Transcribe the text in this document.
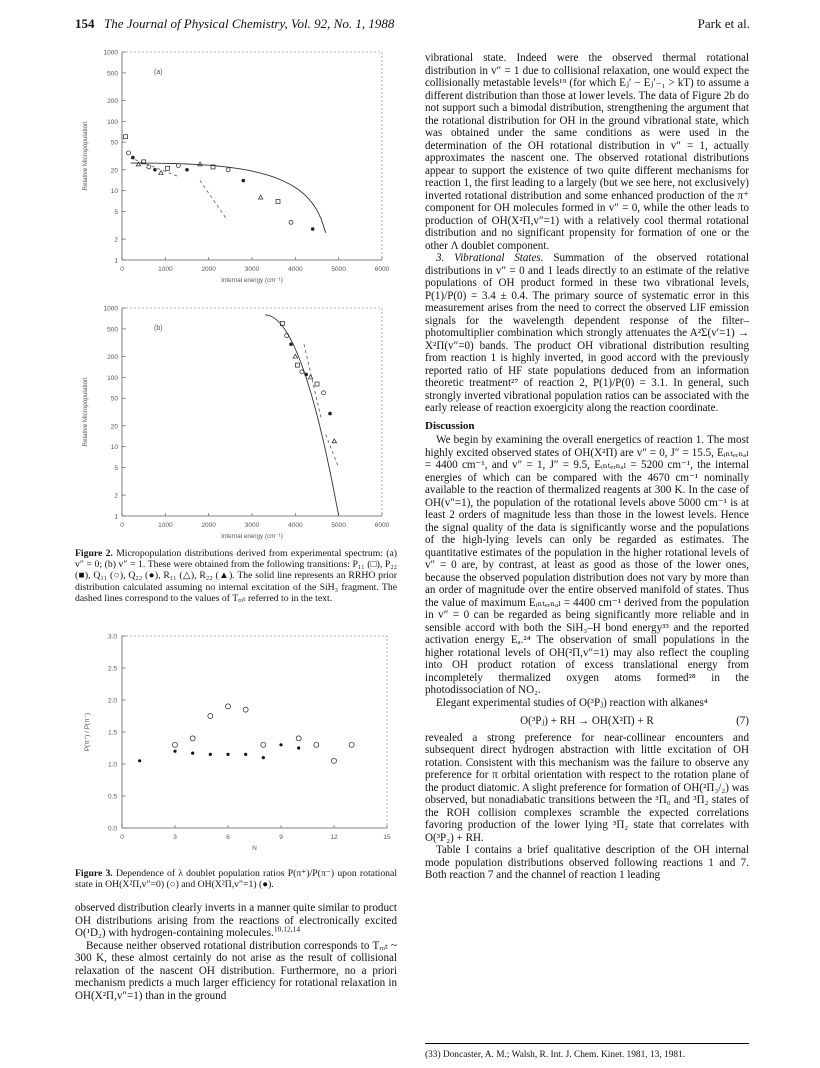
154 The Journal of Physical Chemistry, Vol. 92, No. 1, 1988	Park et al.
1000
500
200
100
50
20
10
5
2
1
0	1000	2000	3000	4000	5000	6000
Internal energy (cm⁻¹)
Relative Micropopulation
(a)
1000
500
200
100
50
20
10
5
2
1
0	1000	2000	3000	4000	5000	6000
Internal energy (cm⁻¹)
Relative Micropopulation
(b)
Figure 2. Micropopulation distributions derived from experimental spectrum: (a) v″ = 0; (b) v″ = 1. These were obtained from the following transitions: P₁₁ (□), P₂₂ (■), Q₁₁ (○), Q₂₂ (●), R₁₁ (△), R₂₂ (▲). The solid line represents an RRHO prior distribution calculated assuming no internal excitation of the SiH₃ fragment. The dashed lines correspond to the values of Tᵣₒₜ referred to in the text.
3.0
2.5
2.0
1.5
1.0
0.5
0.0
0	3	6	9	12	15
N
P(π⁺) / P(π⁻)
Figure 3. Dependence of λ doublet population ratios P(π⁺)/P(π⁻) upon rotational state in OH(X²Π,v″=0) (○) and OH(X²Π,v″=1) (●).

observed distribution clearly inverts in a manner quite similar to product OH distributions arising from the reactions of electronically excited O(¹D₂) with hydrogen-containing molecules.$^{10,12,14}$

Because neither observed rotational distribution corresponds to Tᵣₒₜ ~ 300 K, these almost certainly do not arise as the result of collisional relaxation of the nascent OH distribution. Furthermore, no a priori mechanism predicts a much larger efficiency for rotational relaxation in OH(X²Π,v″=1) than in the ground

vibrational state. Indeed were the observed thermal rotational distribution in v″ = 1 due to collisional relaxation, one would expect the collisionally metastable levels¹⁹ (for which Eⱼ′ − Eⱼ′₋₁ > kT) to assume a different distribution than those at lower levels. The data of Figure 2b do not support such a bimodal distribution, strengthening the argument that the rotational distribution for OH in the ground vibrational state, which was obtained under the same conditions as were used in the determination of the OH rotational distribution in v″ = 1, actually approximates the nascent one. The observed rotational distributions appear to support the existence of two quite different mechanisms for reaction 1, the first leading to a largely (but we see here, not exclusively) inverted rotational distribution and some enhanced production of the π⁺ component for OH molecules formed in v″ = 0, while the other leads to production of OH(X²Π,v″=1) with a relatively cool thermal rotational distribution and no significant propensity for formation of one or the other Λ doublet component.

3. Vibrational States. Summation of the observed rotational distributions in v″ = 0 and 1 leads directly to an estimate of the relative populations of OH product formed in these two vibrational levels, P(1)/P(0) = 3.4 ± 0.4. The primary source of systematic error in this measurement arises from the need to correct the observed LIF emission signals for the wavelength dependent response of the filter–photomultiplier combination which strongly attenuates the A²Σ(v′=1) → X²Π(v″=0) bands. The product OH vibrational distribution resulting from reaction 1 is highly inverted, in good accord with the previously reported ratio of HF state populations deduced from an information theoretic treatment²⁷ of reaction 2, P(1)/P(0) = 3.1. In general, such strongly inverted vibrational population ratios can be associated with the early release of reaction exoergicity along the reaction coordinate.

Discussion

We begin by examining the overall energetics of reaction 1. The most highly excited observed states of OH(X²Π) are v″ = 0, J″ = 15.5, Eᵢₙₜₑᵣₙₐₗ = 4400 cm⁻¹, and v″ = 1, J″ = 9.5, Eᵢₙₜₑᵣₙₐₗ = 5200 cm⁻¹, the internal energies of which can be compared with the 4670 cm⁻¹ nominally available to the reaction of thermalized reagents at 300 K. In the case of OH(v″=1), the population of the rotational levels above 5000 cm⁻¹ is at least 2 orders of magnitude less than those in the lowest levels. Hence the signal quality of the data is significantly worse and the populations of the high-lying levels can only be regarded as estimates. The quantitative estimates of the population in the higher rotational levels of v″ = 0 are, by contrast, at least as good as those of the lower ones, because the observed population distribution does not vary by more than an order of magnitude over the entire observed manifold of states. Thus the value of maximum Eᵢₙₜₑᵣₙₐₗ = 4400 cm⁻¹ derived from the population in v″ = 0 can be regarded as being significantly more reliable and in sensible accord with both the SiH₃–H bond energy³³ and the reported activation energy Eₐ.²⁴ The observation of small populations in the higher rotational levels of OH(²Π,v″=1) may also reflect the coupling into OH product rotation of excess translational energy from incompletely thermalized oxygen atoms formed²⁸ in the photodissociation of NO₂.

Elegant experimental studies of O(³Pⱼ) reaction with alkanes⁴

O(³Pⱼ) + RH → OH(X²Π) + R	(7)

revealed a strong preference for near-collinear encounters and subsequent direct hydrogen abstraction with little excitation of OH rotation. Consistent with this mechanism was the failure to observe any preference for π orbital orientation with respect to the rotation plane of the product diatomic. A slight preference for formation of OH(²Π₃/₂) was observed, but nonadiabatic transitions between the ³Π₀ and ³Π₂ states of the ROH collision complexes scramble the expected correlations favoring production of the lower lying ³Π₂ state that correlates with O(³P₂) + RH.

Table I contains a brief qualitative description of the OH internal mode population distributions observed following reactions 1 and 7. Both reaction 7 and the channel of reaction 1 leading

(33) Doncaster, A. M.; Walsh, R. Int. J. Chem. Kinet. 1981, 13, 1981.
